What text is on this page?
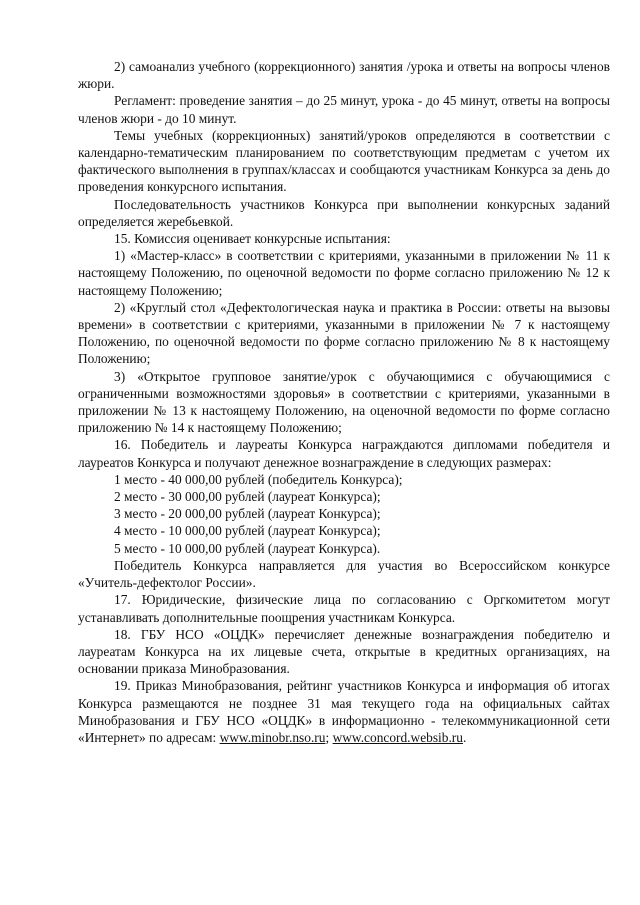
2) самоанализ учебного (коррекционного) занятия /урока и ответы на вопросы членов жюри.

Регламент: проведение занятия – до 25 минут, урока - до 45 минут, ответы на вопросы членов жюри - до 10 минут.

Темы учебных (коррекционных) занятий/уроков определяются в соответствии с календарно-тематическим планированием по соответствующим предметам с учетом их фактического выполнения в группах/классах и сообщаются участникам Конкурса за день до проведения конкурсного испытания.

Последовательность участников Конкурса при выполнении конкурсных заданий определяется жеребьевкой.

15. Комиссия оценивает конкурсные испытания:

1) «Мастер-класс» в соответствии с критериями, указанными в приложении № 11 к настоящему Положению, по оценочной ведомости по форме согласно приложению № 12 к настоящему Положению;

2) «Круглый стол «Дефектологическая наука и практика в России: ответы на вызовы времени» в соответствии с критериями, указанными в приложении № 7 к настоящему Положению, по оценочной ведомости по форме согласно приложению № 8 к настоящему Положению;

3) «Открытое групповое занятие/урок с обучающимися с обучающимися с ограниченными возможностями здоровья» в соответствии с критериями, указанными в приложении № 13 к настоящему Положению, на оценочной ведомости по форме согласно приложению № 14 к настоящему Положению;

16. Победитель и лауреаты Конкурса награждаются дипломами победителя и лауреатов Конкурса и получают денежное вознаграждение в следующих размерах:

1 место - 40 000,00 рублей (победитель Конкурса);

2 место - 30 000,00 рублей (лауреат Конкурса);

3 место - 20 000,00 рублей (лауреат Конкурса);

4 место - 10 000,00 рублей (лауреат Конкурса);

5 место - 10 000,00 рублей (лауреат Конкурса).

Победитель Конкурса направляется для участия во Всероссийском конкурсе «Учитель-дефектолог России».

17. Юридические, физические лица по согласованию с Оргкомитетом могут устанавливать дополнительные поощрения участникам Конкурса.

18. ГБУ НСО «ОЦДК» перечисляет денежные вознаграждения победителю и лауреатам Конкурса на их лицевые счета, открытые в кредитных организациях, на основании приказа Минобразования.

19. Приказ Минобразования, рейтинг участников Конкурса и информация об итогах Конкурса размещаются не позднее 31 мая текущего года на официальных сайтах Минобразования и ГБУ НСО «ОЦДК» в информационно - телекоммуникационной сети «Интернет» по адресам: www.minobr.nso.ru; www.concord.websib.ru.
